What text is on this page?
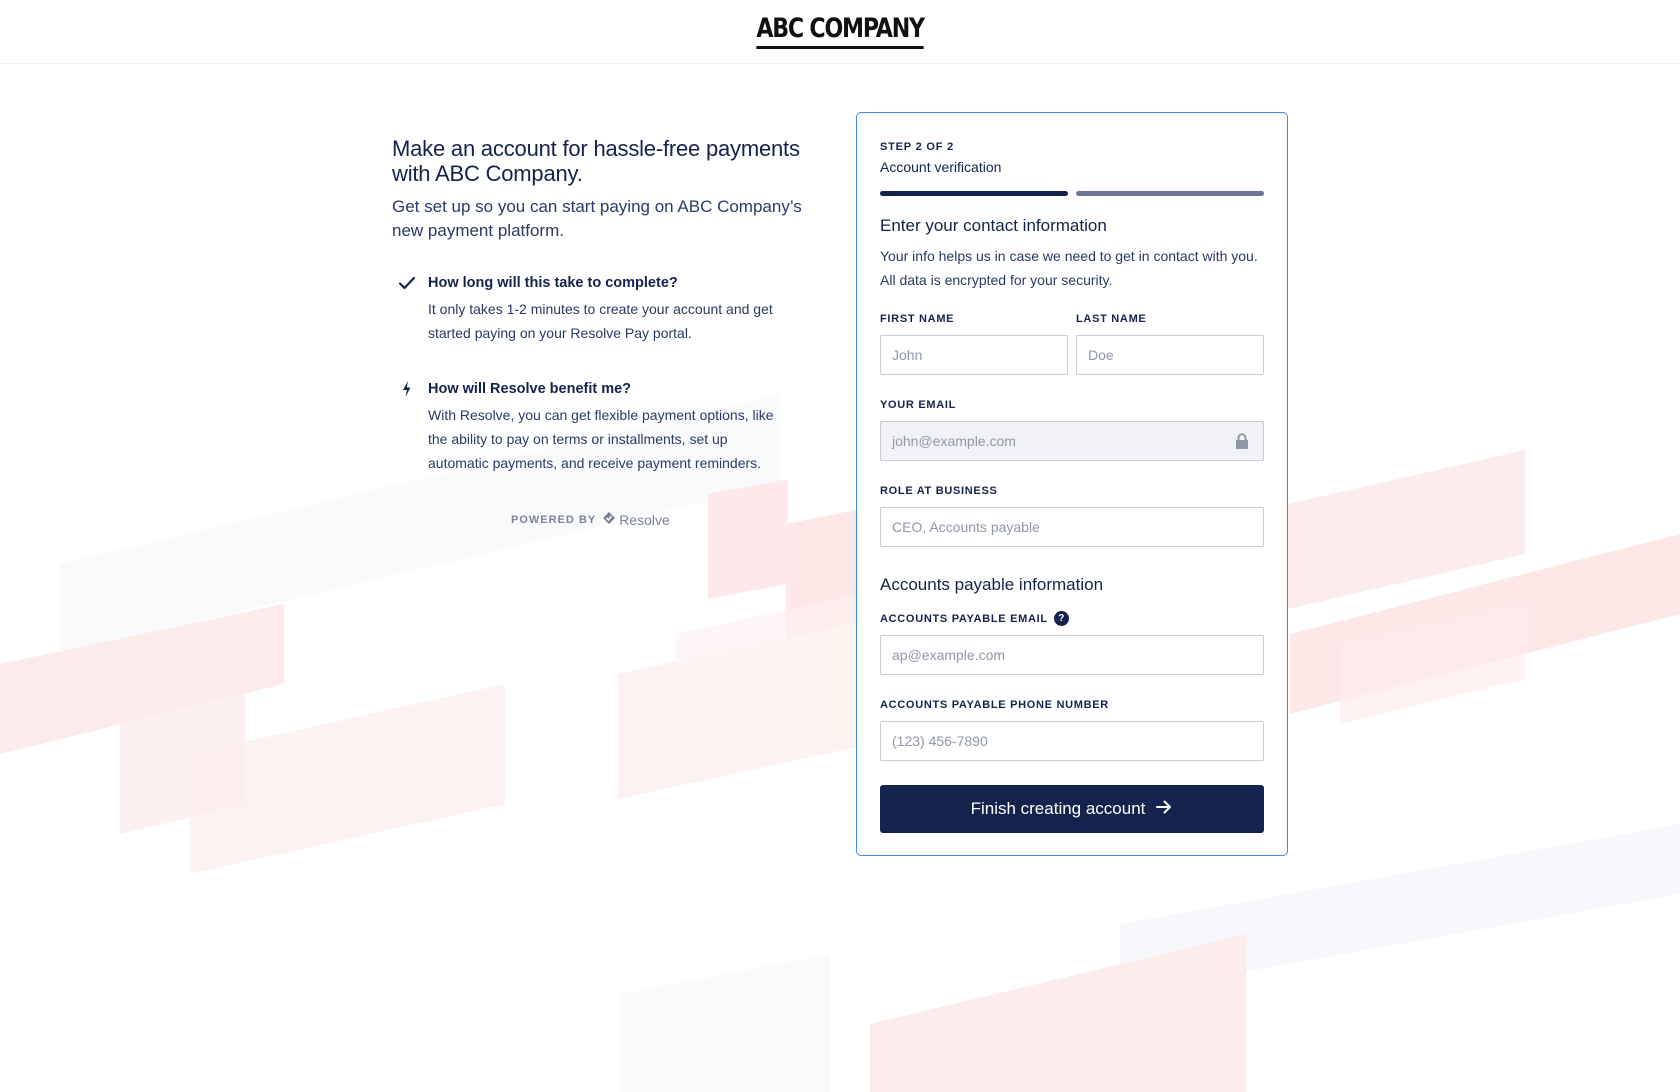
ABC COMPANY
Make an account for hassle-free payments with ABC Company.

Get set up so you can start paying on ABC Company’s new payment platform.

How long will this take to complete?

It only takes 1-2 minutes to create your account and get started paying on your Resolve Pay portal.

How will Resolve benefit me?

With Resolve, you can get flexible payment options, like the ability to pay on terms or installments, set up automatic payments, and receive payment reminders.

POWERED BY Resolve
STEP 2 OF 2
Account verification
Enter your contact information
Your info helps us in case we need to get in contact with you. All data is encrypted for your security.
FIRST NAME
John
LAST NAME
Doe
YOUR EMAIL
john@example.com
ROLE AT BUSINESS
CEO, Accounts payable
Accounts payable information
ACCOUNTS PAYABLE EMAIL	?
ap@example.com
ACCOUNTS PAYABLE PHONE NUMBER
(123) 456-7890
Finish creating account
